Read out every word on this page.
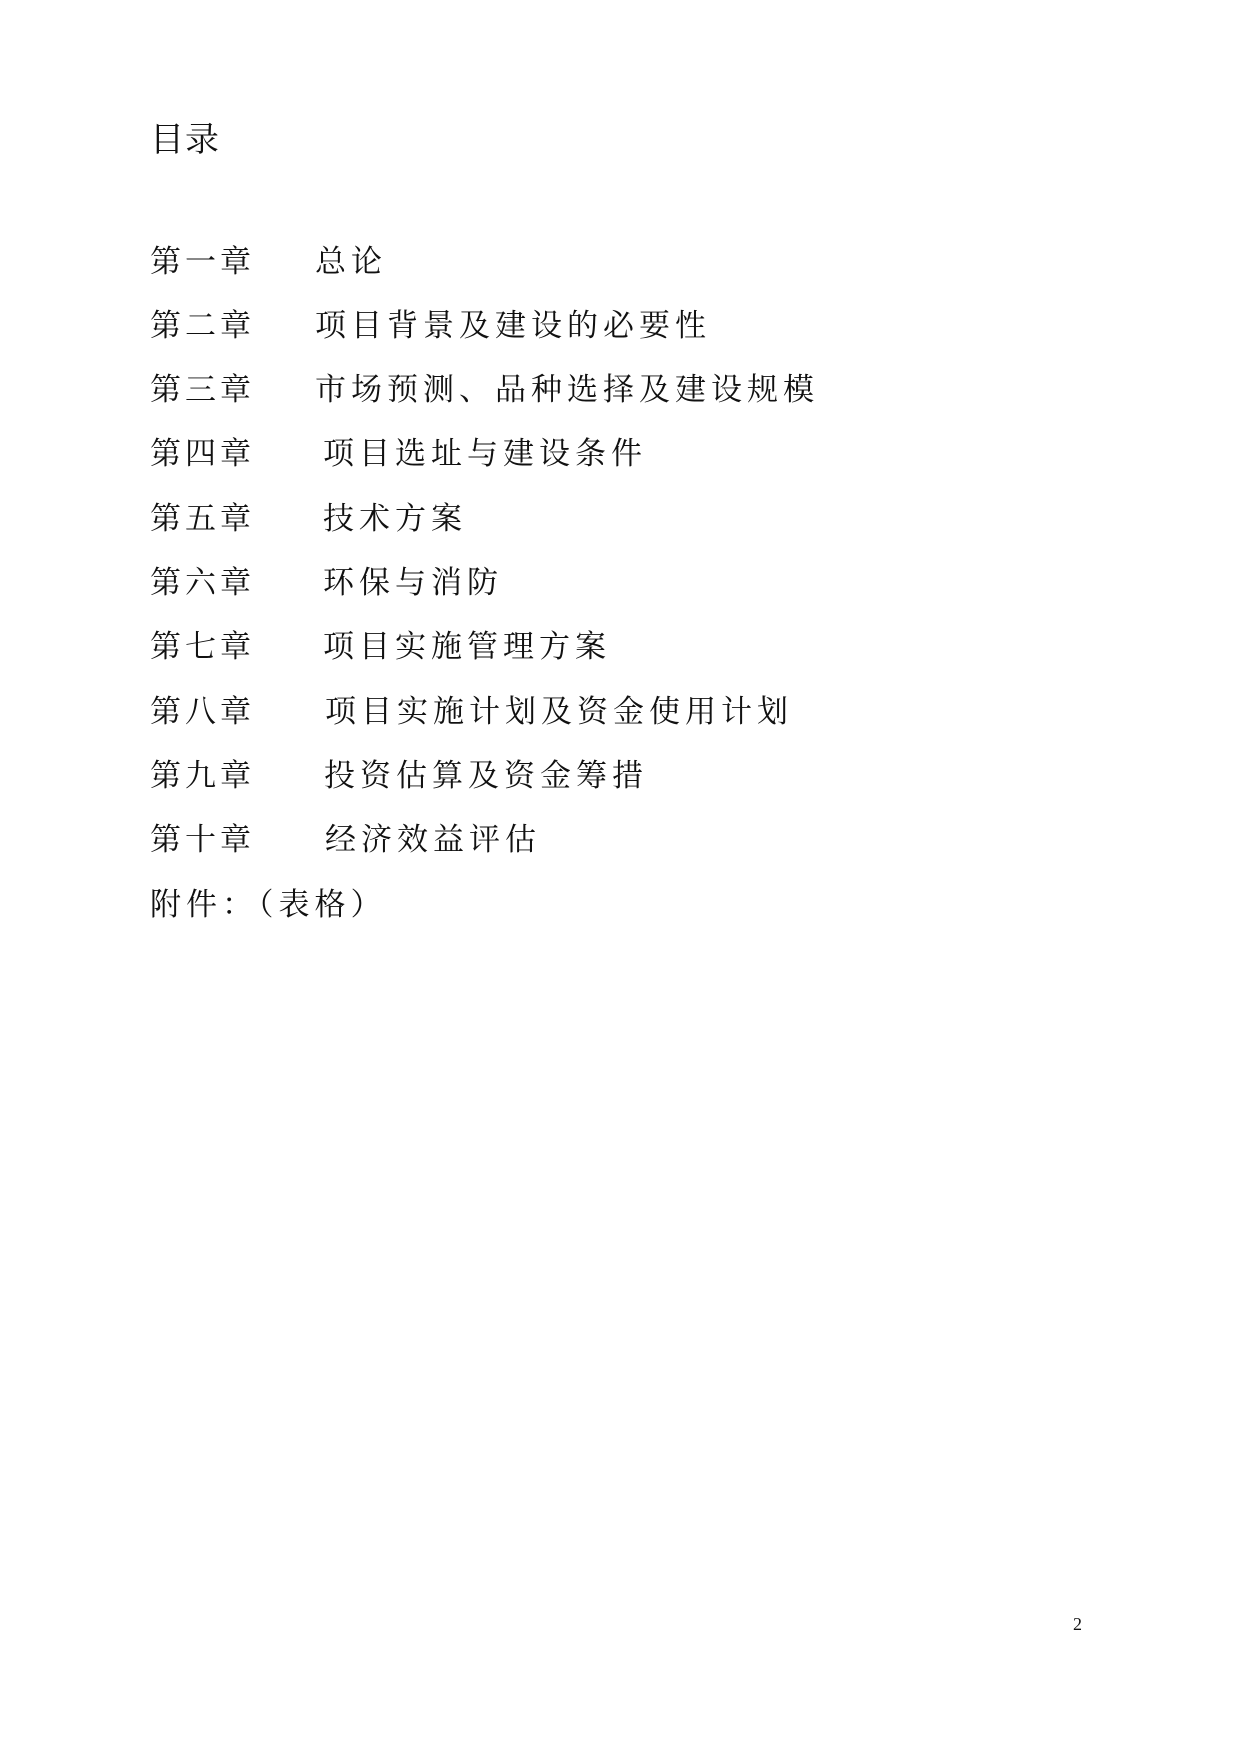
目录
第一章 总论
第二章 项目背景及建设的必要性
第三章 市场预测、品种选择及建设规模
第四章 项目选址与建设条件
第五章 技术方案
第六章 环保与消防
第七章 项目实施管理方案
第八章 项目实施计划及资金使用计划
第九章 投资估算及资金筹措
第十章 经济效益评估
附件：（表格）
2
